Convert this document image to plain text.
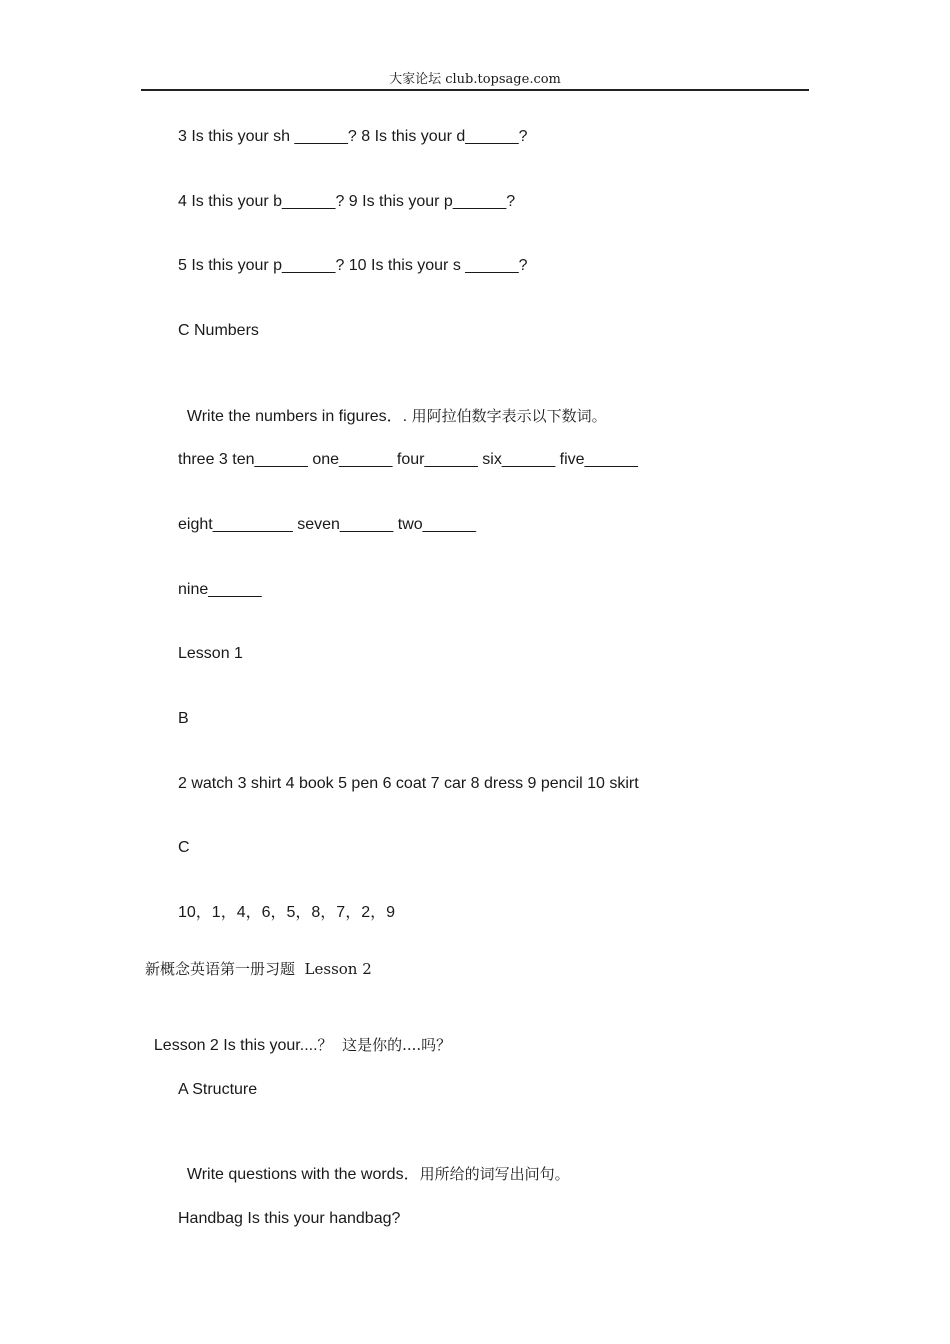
大家论坛 club.topsage.com
3 Is this your sh ______? 8 Is this your d______?
4 Is this your b______? 9 Is this your p______?
5 Is this your p______? 10 Is this your s ______?
C Numbers

Write the numbers in figures．. 用阿拉伯数字表示以下数词。

three 3 ten______ one______ four______ six______ five______
eight_________ seven______ two______
nine______
Lesson 1
B
2 watch 3 shirt 4 book 5 pen 6 coat 7 car 8 dress 9 pencil 10 skirt
C
10，1，4，6，5，8，7，2，9
新概念英语第一册习题  Lesson 2

Lesson 2 Is this your....？  这是你的....吗？

A Structure

Write questions with the words．用所给的词写出问句。

Handbag Is this your handbag?
